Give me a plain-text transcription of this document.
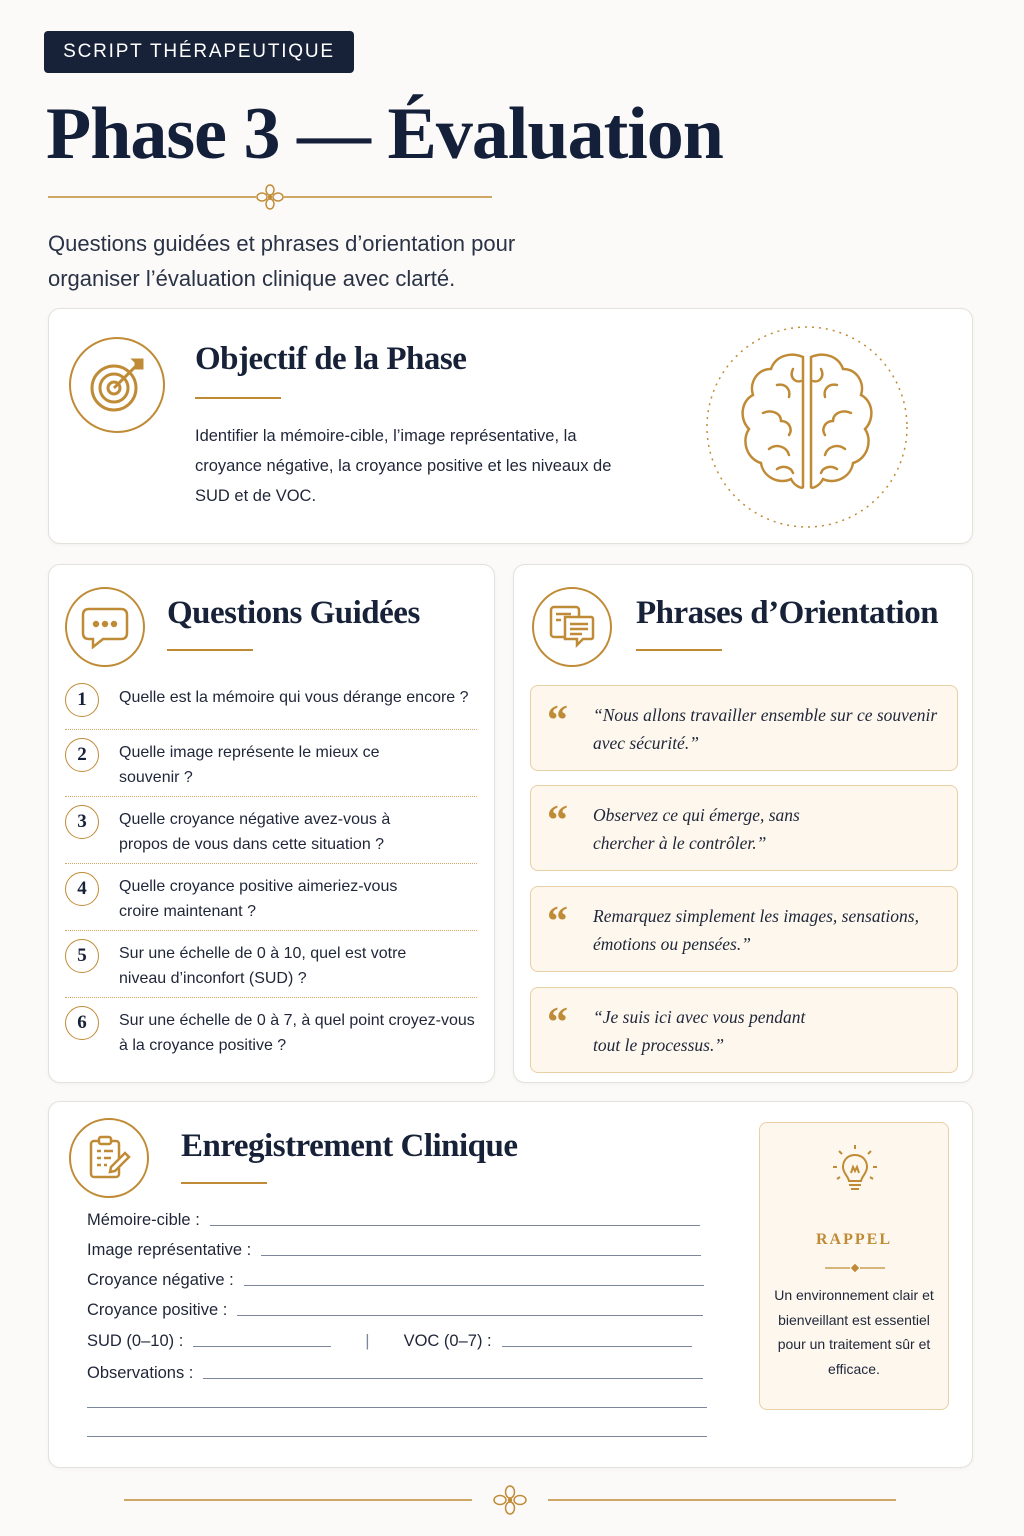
SCRIPT THÉRAPEUTIQUE
Phase 3 — Évaluation
Questions guidées et phrases d’orientation pour organiser l’évaluation clinique avec clarté.
Objectif de la Phase
Identifier la mémoire-cible, l’image représentative, la croyance négative, la croyance positive et les niveaux de SUD et de VOC.
Questions Guidées
1	Quelle est la mémoire qui vous dérange encore ?
2	Quelle image représente le mieux ce souvenir ?
3	Quelle croyance négative avez-vous à propos de vous dans cette situation ?
4	Quelle croyance positive aimeriez-vous croire maintenant ?
5	Sur une échelle de 0 à 10, quel est votre niveau d’inconfort (SUD) ?
6	Sur une échelle de 0 à 7, à quel point croyez-vous à la croyance positive ?
Phrases d’Orientation
“ “Nous allons travailler ensemble sur ce souvenir avec sécurité.”
“ Observez ce qui émerge, sans chercher à le contrôler.”
“ Remarquez simplement les images, sensations, émotions ou pensées.”
“ “Je suis ici avec vous pendant tout le processus.”
Enregistrement Clinique
Mémoire-cible :
Image représentative :
Croyance négative :
Croyance positive :
SUD (0–10) :	| VOC (0–7) :
Observations :
RAPPEL
Un environnement clair et bienveillant est essentiel pour un traitement sûr et efficace.
